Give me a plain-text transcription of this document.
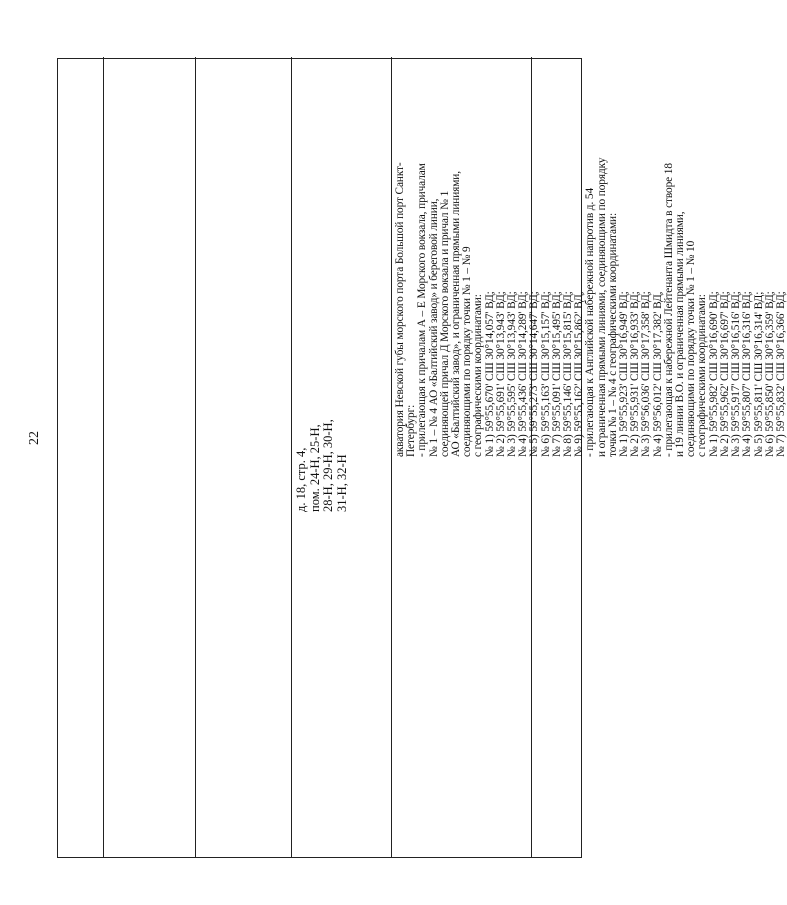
22
д. 18, стр. 4, пом. 24-Н, 25-Н, 28-Н, 29-Н, 30-Н, 31-Н, 32-Н
акватория Невской губы морского порта Большой порт Санкт- Петербург: - прилегающая к причалам А – Е Морского вокзала, причалам № 1 – № 4 АО «Балтийский завод» и береговой линии, соединяющей причал Д Морского вокзала и причал № 1 АО «Балтийский завод», и ограниченная прямыми линиями, соединяющими по порядку точки № 1 – № 9 с географическими координатами: № 1) 59°55,670' СШ 30°14,057' ВД; № 2) 59°55,691' СШ 30°13,943' ВД; № 3) 59°55,595' СШ 30°13,943' ВД; № 4) 59°55,436' СШ 30°14,289' ВД; № 5) 59°55,273' СШ 30°14,647' ВД; № 6) 59°55,163' СШ 30°15,157' ВД; № 7) 59°55,091' СШ 30°15,495' ВД; № 8) 59°55,146' СШ 30°15,815' ВД; № 9) 59°55,162' СШ 30°15,862' ВД, - прилегающая к Английской набережной напротив д. 54 и ограниченная прямыми линиями, соединяющими по порядку точки № 1 – № 4 с географическими координатами: № 1) 59°55,923' СШ 30°16,949' ВД; № 2) 59°55,931' СШ 30°16,933' ВД; № 3) 59°56,036' СШ 30°17,358' ВД; № 4) 59°56,012' СШ 30°17,382' ВД, - прилегающая к набережной Лейтенанта Шмидта в створе 18 и 19 линии В.О. и ограниченная прямыми линиями, соединяющими по порядку точки № 1 – № 10 с географическими координатами: № 1) 59°55,982' СШ 30°16,690' ВД; № 2) 59°55,962' СШ 30°16,697' ВД; № 3) 59°55,917' СШ 30°16,516' ВД; № 4) 59°55,807' СШ 30°16,316' ВД; № 5) 59°55,811' СШ 30°16,314' ВД; № 6) 59°55,850' СШ 30°16,359' ВД; № 7) 59°55,832' СШ 30°16,366' ВД;
